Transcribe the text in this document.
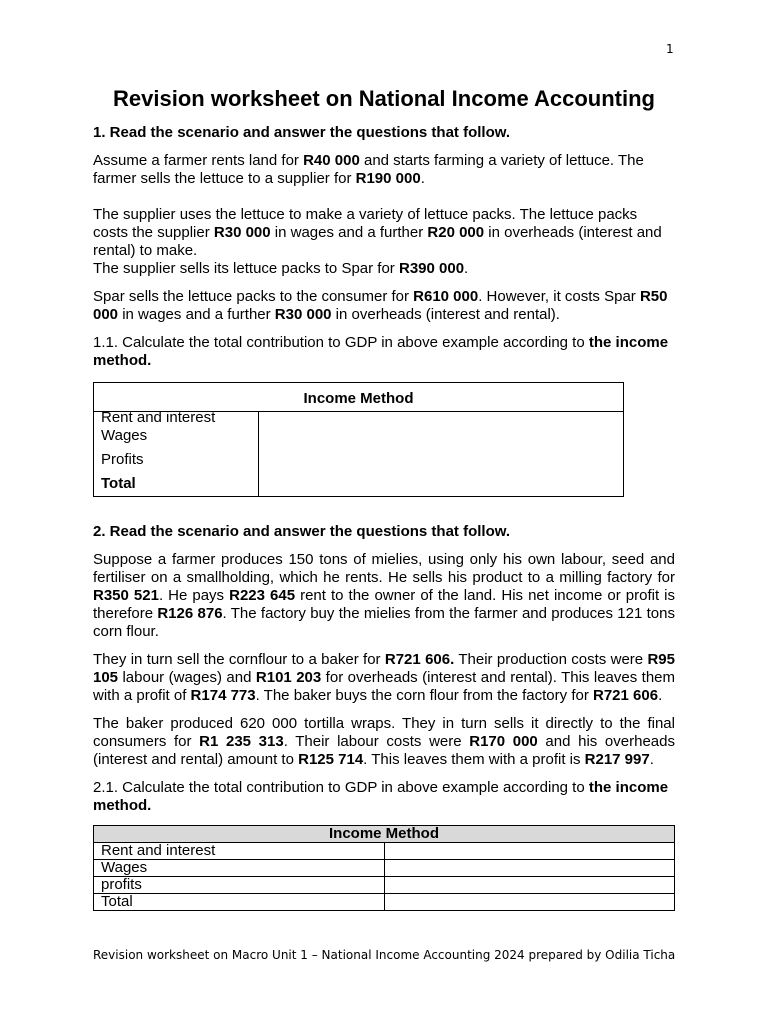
1
Revision worksheet on National Income Accounting

1. Read the scenario and answer the questions that follow.

Assume a farmer rents land for R40 000 and starts farming a variety of lettuce. The farmer sells the lettuce to a supplier for R190 000.

The supplier uses the lettuce to make a variety of lettuce packs. The lettuce packs costs the supplier R30 000 in wages and a further R20 000 in overheads (interest and rental) to make.

The supplier sells its lettuce packs to Spar for R390 000.

Spar sells the lettuce packs to the consumer for R610 000. However, it costs Spar R50 000 in wages and a further R30 000 in overheads (interest and rental).

1.1. Calculate the total contribution to GDP in above example according to the income method.

Income Method

Rent and interest
Wages
Profits
Total

2. Read the scenario and answer the questions that follow.

Suppose a farmer produces 150 tons of mielies, using only his own labour, seed and fertiliser on a smallholding, which he rents. He sells his product to a milling factory for R350 521. He pays R223 645 rent to the owner of the land. His net income or profit is therefore R126 876. The factory buy the mielies from the farmer and produces 121 tons corn flour.

They in turn sell the cornflour to a baker for R721 606. Their production costs were R95 105 labour (wages) and R101 203 for overheads (interest and rental). This leaves them with a profit of R174 773. The baker buys the corn flour from the factory for R721 606.

The baker produced 620 000 tortilla wraps. They in turn sells it directly to the final consumers for R1 235 313. Their labour costs were R170 000 and his overheads (interest and rental) amount to R125 714. This leaves them with a profit is R217 997.

2.1. Calculate the total contribution to GDP in above example according to the income method.

Income Method	
Rent and interest	
Wages	
profits	
Total	
Revision worksheet on Macro Unit 1 – National Income Accounting 2024 prepared by Odilia Ticha
